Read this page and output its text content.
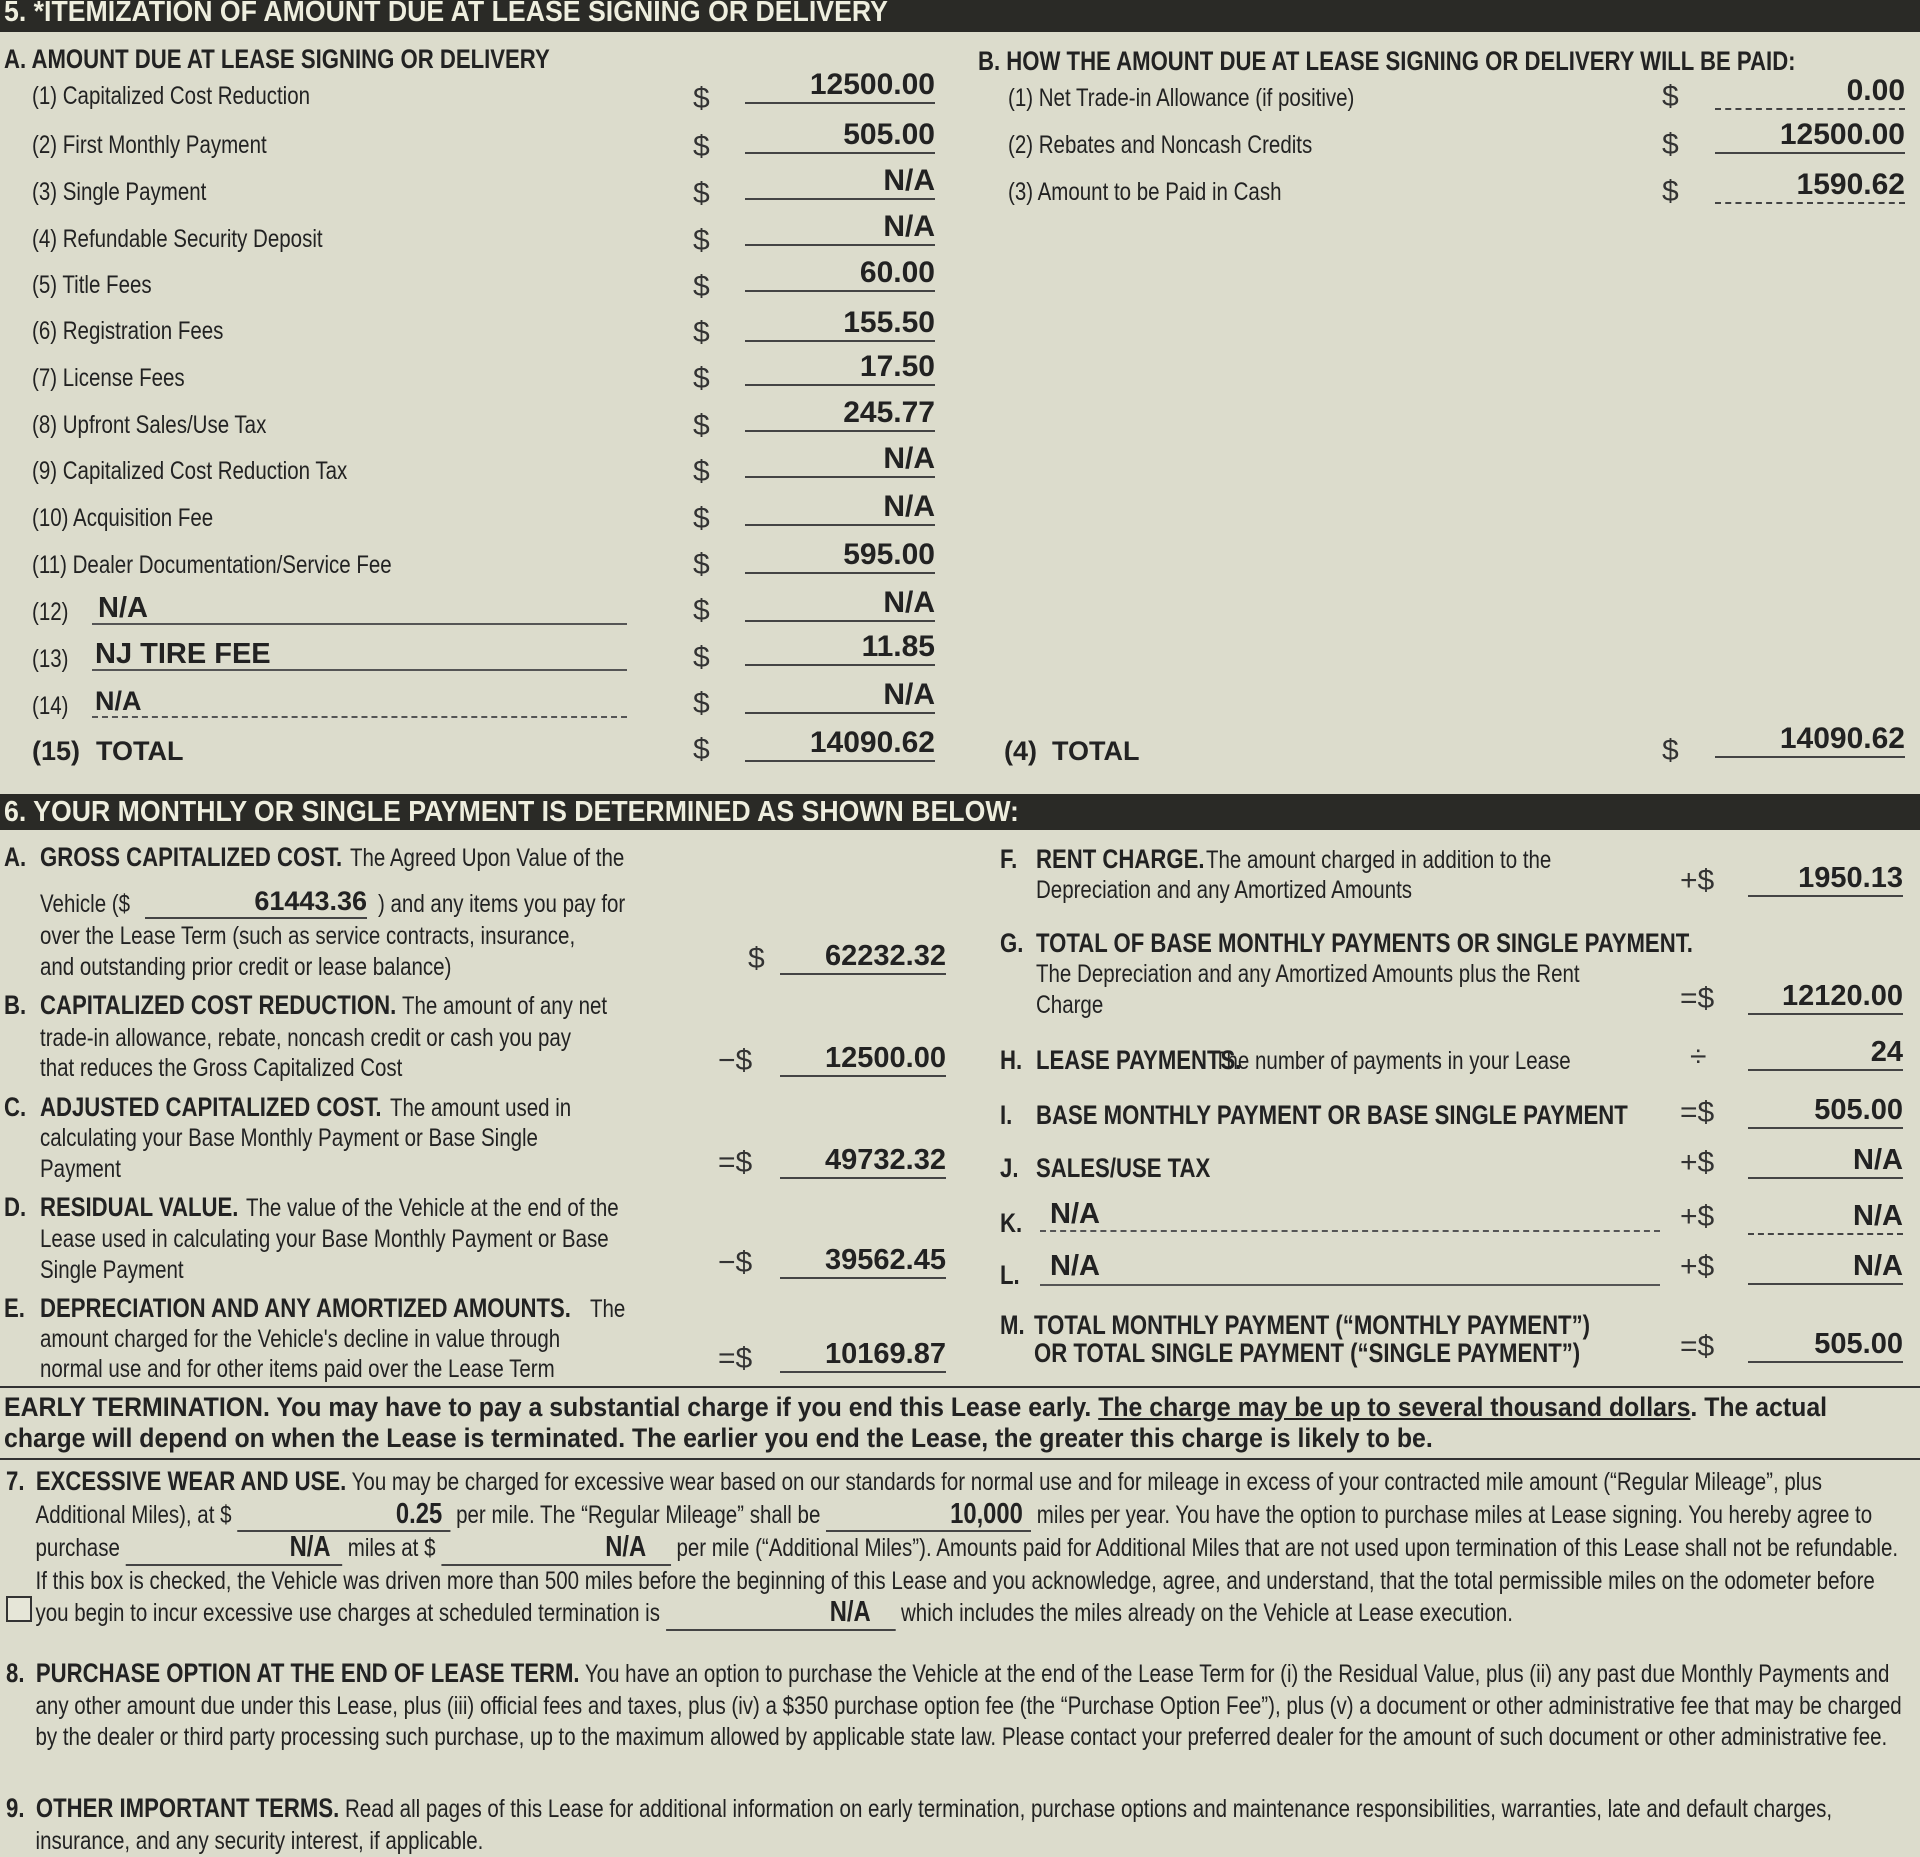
5. *ITEMIZATION OF AMOUNT DUE AT LEASE SIGNING OR DELIVERY
A. AMOUNT DUE AT LEASE SIGNING OR DELIVERY	B. HOW THE AMOUNT DUE AT LEASE SIGNING OR DELIVERY WILL BE PAID:
(1) Capitalized Cost Reduction	$	12500.00
(2) First Monthly Payment	$	505.00
(3) Single Payment	$	N/A
(4) Refundable Security Deposit	$	N/A
(5) Title Fees	$	60.00
(6) Registration Fees	$	155.50
(7) License Fees	$	17.50
(8) Upfront Sales/Use Tax	$	245.77
(9) Capitalized Cost Reduction Tax	$	N/A
(10) Acquisition Fee	$	N/A
(11) Dealer Documentation/Service Fee	$	595.00
(12) N/A	$	N/A
(13) NJ TIRE FEE	$	11.85
(14) N/A	$	N/A
(15) TOTAL	$	14090.62
(1) Net Trade-in Allowance (if positive)	$	0.00
(2) Rebates and Noncash Credits	$	12500.00
(3) Amount to be Paid in Cash	$	1590.62
(4) TOTAL	$	14090.62
6. YOUR MONTHLY OR SINGLE PAYMENT IS DETERMINED AS SHOWN BELOW:
A. GROSS CAPITALIZED COST. The Agreed Upon Value of the
Vehicle ($	61443.36 ) and any items you pay for
over the Lease Term (such as service contracts, insurance,
and outstanding prior credit or lease balance)	$	62232.32
B. CAPITALIZED COST REDUCTION. The amount of any net
trade-in allowance, rebate, noncash credit or cash you pay
that reduces the Gross Capitalized Cost	−$	12500.00
C. ADJUSTED CAPITALIZED COST. The amount used in
calculating your Base Monthly Payment or Base Single
Payment	=$	49732.32
D. RESIDUAL VALUE. The value of the Vehicle at the end of the
Lease used in calculating your Base Monthly Payment or Base
Single Payment	−$	39562.45
E. DEPRECIATION AND ANY AMORTIZED AMOUNTS. The
amount charged for the Vehicle's decline in value through
normal use and for other items paid over the Lease Term	=$	10169.87
F. RENT CHARGE. The amount charged in addition to the
Depreciation and any Amortized Amounts	+$	1950.13
G. TOTAL OF BASE MONTHLY PAYMENTS OR SINGLE PAYMENT.
The Depreciation and any Amortized Amounts plus the Rent
Charge	=$	12120.00
H. LEASE PAYMENTS.
The number of payments in your Lease	÷	24
I. BASE MONTHLY PAYMENT OR BASE SINGLE PAYMENT =$	505.00
J. SALES/USE TAX	+$	N/A
K. N/A	+$	N/A
L. N/A	+$	N/A
M. TOTAL MONTHLY PAYMENT (“MONTHLY PAYMENT”)
OR TOTAL SINGLE PAYMENT (“SINGLE PAYMENT”)	=$	505.00
EARLY TERMINATION. You may have to pay a substantial charge if you end this Lease early. The charge may be up to several thousand dollars. The actual charge will depend on when the Lease is terminated. The earlier you end the Lease, the greater this charge is likely to be.
7. EXCESSIVE WEAR AND USE. You may be charged for excessive wear based on our standards for normal use and for mileage in excess of your contracted mile amount (“Regular Mileage”, plus Additional Miles), at $	0.25 per mile. The “Regular Mileage” shall be	10,000 miles per year. You have the option to purchase miles at Lease signing. You hereby agree to purchase	N/A miles at $	N/A per mile (“Additional Miles”). Amounts paid for Additional Miles that are not used upon termination of this Lease shall not be refundable.
If this box is checked, the Vehicle was driven more than 500 miles before the beginning of this Lease and you acknowledge, agree, and understand, that the total permissible miles on the odometer before you begin to incur excessive use charges at scheduled termination is	N/A which includes the miles already on the Vehicle at Lease execution.
8. PURCHASE OPTION AT THE END OF LEASE TERM. You have an option to purchase the Vehicle at the end of the Lease Term for (i) the Residual Value, plus (ii) any past due Monthly Payments and any other amount due under this Lease, plus (iii) official fees and taxes, plus (iv) a $350 purchase option fee (the “Purchase Option Fee”), plus (v) a document or other administrative fee that may be charged by the dealer or third party processing such purchase, up to the maximum allowed by applicable state law. Please contact your preferred dealer for the amount of such document or other administrative fee.
9. OTHER IMPORTANT TERMS. Read all pages of this Lease for additional information on early termination, purchase options and maintenance responsibilities, warranties, late and default charges, insurance, and any security interest, if applicable.
